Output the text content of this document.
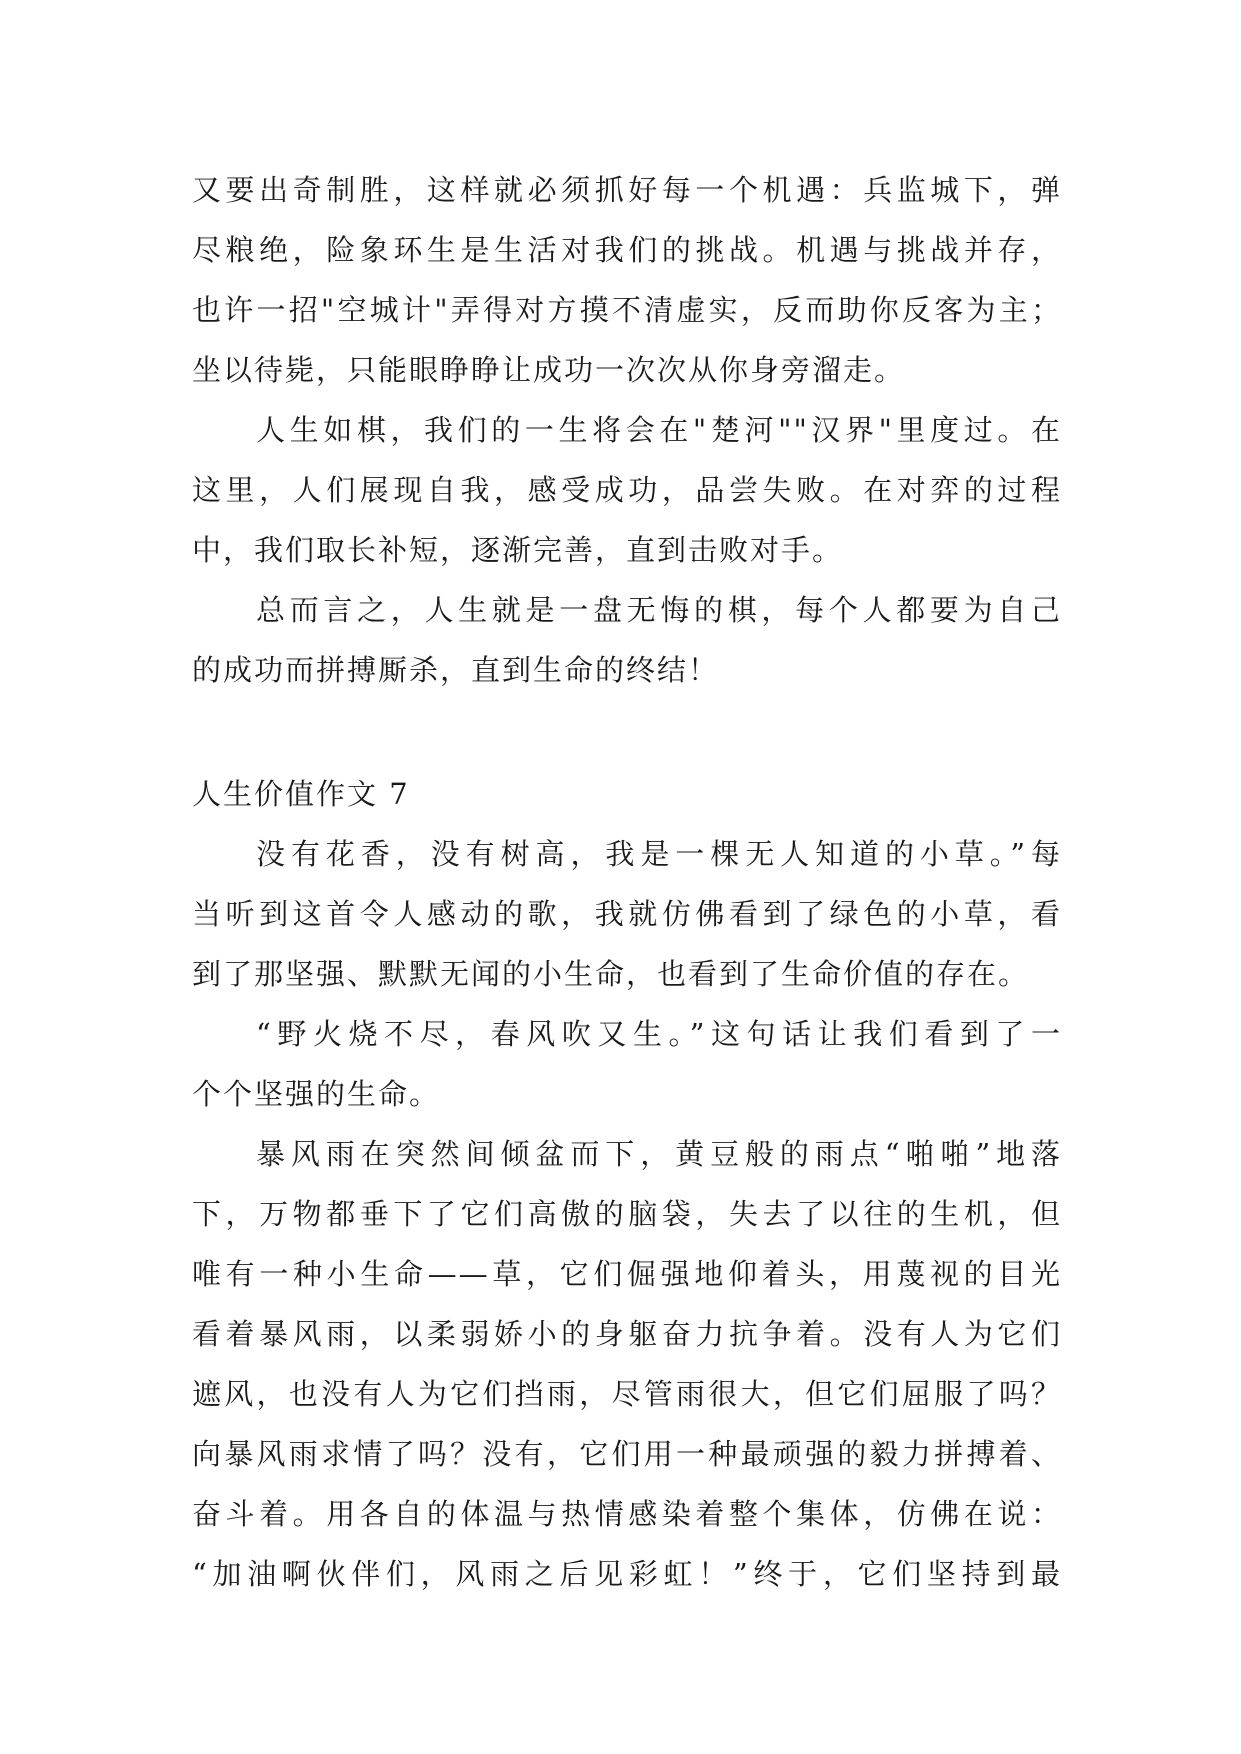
又要出奇制胜，这样就必须抓好每一个机遇：兵监城下，弹
尽粮绝，险象环生是生活对我们的挑战。机遇与挑战并存，
也许一招"空城计"弄得对方摸不清虚实，反而助你反客为主；
坐以待毙，只能眼睁睁让成功一次次从你身旁溜走。
人生如棋，我们的一生将会在"楚河""汉界"里度过。在
这里，人们展现自我，感受成功，品尝失败。在对弈的过程
中，我们取长补短，逐渐完善，直到击败对手。
总而言之，人生就是一盘无悔的棋，每个人都要为自己
的成功而拼搏厮杀，直到生命的终结！
人生价值作文 7
没有花香，没有树高，我是一棵无人知道的小草。”每
当听到这首令人感动的歌，我就仿佛看到了绿色的小草，看
到了那坚强、默默无闻的小生命，也看到了生命价值的存在。
“野火烧不尽，春风吹又生。”这句话让我们看到了一
个个坚强的生命。
暴风雨在突然间倾盆而下，黄豆般的雨点“啪啪”地落
下，万物都垂下了它们高傲的脑袋，失去了以往的生机，但
唯有一种小生命——草，它们倔强地仰着头，用蔑视的目光
看着暴风雨，以柔弱娇小的身躯奋力抗争着。没有人为它们
遮风，也没有人为它们挡雨，尽管雨很大，但它们屈服了吗？
向暴风雨求情了吗？没有，它们用一种最顽强的毅力拼搏着、
奋斗着。用各自的体温与热情感染着整个集体，仿佛在说：
“加油啊伙伴们，风雨之后见彩虹！”终于，它们坚持到最
